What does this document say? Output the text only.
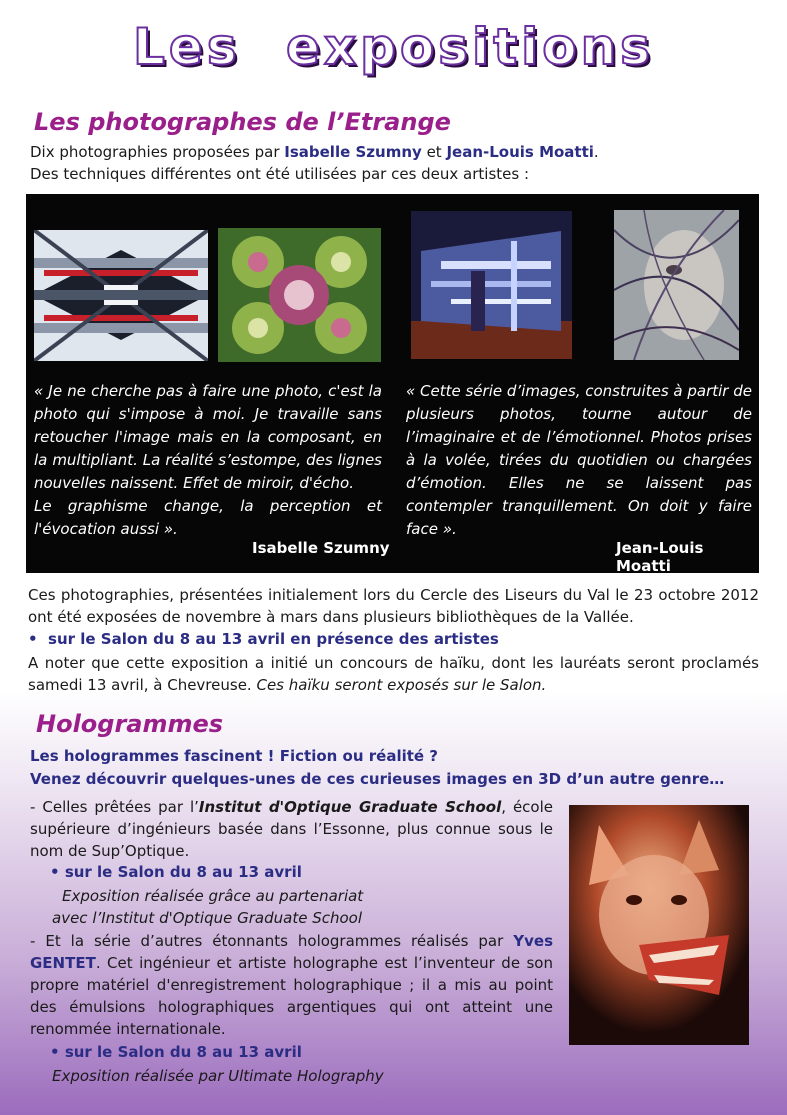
Les expositions
Les photographes de l’Etrange
Dix photographies proposées par Isabelle Szumny et Jean-Louis Moatti.
Des techniques différentes ont été utilisées par ces deux artistes :
« Je ne cherche pas à faire une photo, c'est la photo qui s'impose à moi. Je travaille sans retoucher l'image mais en la composant, en la multipliant. La réalité s’estompe, des lignes nouvelles naissent. Effet de miroir, d'écho.
Le graphisme change, la perception et l'évocation aussi ».
Isabelle Szumny
« Cette série d’images, construites à partir de plusieurs photos, tourne autour de l’imaginaire et de l’émotionnel. Photos prises à la volée, tirées du quotidien ou chargées d’émotion. Elles ne se laissent pas contempler tranquillement. On doit y faire face ».
Jean-Louis Moatti
Ces photographies, présentées initialement lors du Cercle des Liseurs du Val le 23 octobre 2012 ont été exposées de novembre à mars dans plusieurs bibliothèques de la Vallée.
•  sur le Salon du 8 au 13 avril en présence des artistes
A noter que cette exposition a initié un concours de haïku, dont les lauréats seront proclamés samedi 13 avril, à Chevreuse. Ces haïku seront exposés sur le Salon.
Hologrammes
Les hologrammes fascinent ! Fiction ou réalité ?
Venez découvrir quelques-unes de ces curieuses images en 3D d’un autre genre…
- Celles prêtées par l’Institut d'Optique Graduate School, école supérieure d’ingénieurs basée dans l’Essonne, plus connue sous le nom de Sup’Optique.
• sur le Salon du 8 au 13 avril
Exposition réalisée grâce au partenariat
avec l’Institut d'Optique Graduate School
- Et la série d’autres étonnants hologrammes réalisés par Yves GENTET. Cet ingénieur et artiste holographe est l’inventeur de son propre matériel d'enregistrement holographique ; il a mis au point des émulsions holographiques argentiques qui ont atteint une renommée internationale.
• sur le Salon du 8 au 13 avril
Exposition réalisée par Ultimate Holography
